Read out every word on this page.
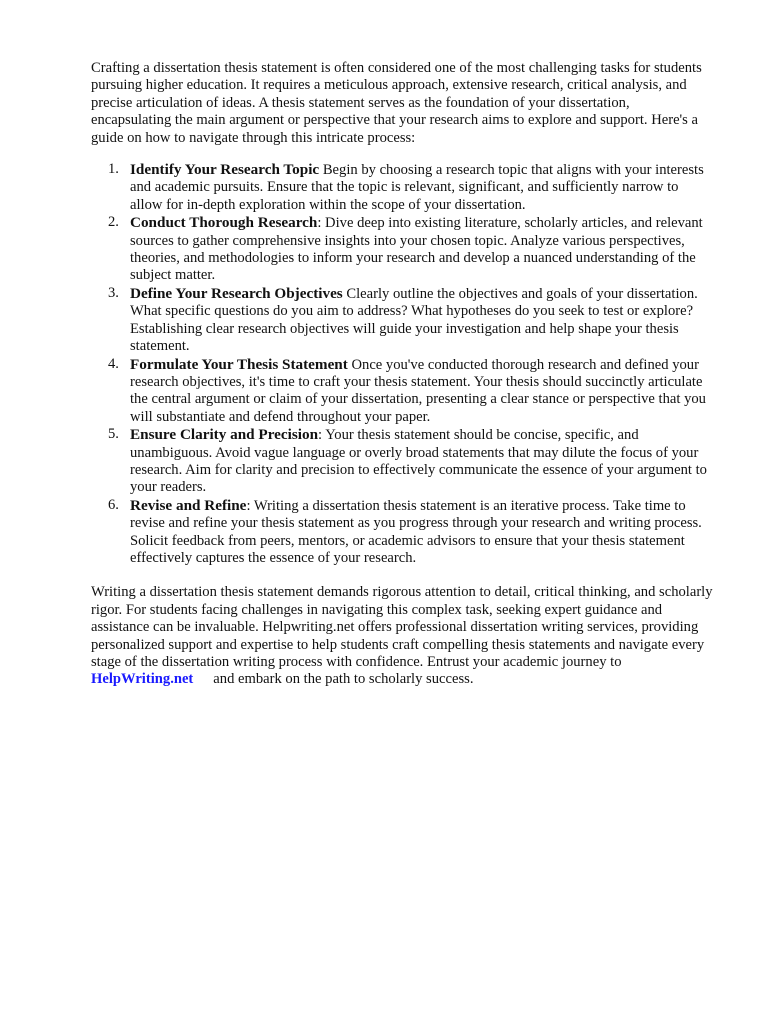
Crafting a dissertation thesis statement is often considered one of the most challenging tasks for students pursuing higher education. It requires a meticulous approach, extensive research, critical analysis, and precise articulation of ideas. A thesis statement serves as the foundation of your dissertation, encapsulating the main argument or perspective that your research aims to explore and support. Here's a guide on how to navigate through this intricate process:

1. Identify Your Research Topic Begin by choosing a research topic that aligns with your interests and academic pursuits. Ensure that the topic is relevant, significant, and sufficiently narrow to allow for in-depth exploration within the scope of your dissertation.
2. Conduct Thorough Research: Dive deep into existing literature, scholarly articles, and relevant sources to gather comprehensive insights into your chosen topic. Analyze various perspectives, theories, and methodologies to inform your research and develop a nuanced understanding of the subject matter.
3. Define Your Research Objectives Clearly outline the objectives and goals of your dissertation. What specific questions do you aim to address? What hypotheses do you seek to test or explore? Establishing clear research objectives will guide your investigation and help shape your thesis statement.
4. Formulate Your Thesis Statement Once you've conducted thorough research and defined your research objectives, it's time to craft your thesis statement. Your thesis should succinctly articulate the central argument or claim of your dissertation, presenting a clear stance or perspective that you will substantiate and defend throughout your paper.
5. Ensure Clarity and Precision: Your thesis statement should be concise, specific, and unambiguous. Avoid vague language or overly broad statements that may dilute the focus of your research. Aim for clarity and precision to effectively communicate the essence of your argument to your readers.
6. Revise and Refine: Writing a dissertation thesis statement is an iterative process. Take time to revise and refine your thesis statement as you progress through your research and writing process. Solicit feedback from peers, mentors, or academic advisors to ensure that your thesis statement effectively captures the essence of your research.

Writing a dissertation thesis statement demands rigorous attention to detail, critical thinking, and scholarly rigor. For students facing challenges in navigating this complex task, seeking expert guidance and assistance can be invaluable. Helpwriting.net offers professional dissertation writing services, providing personalized support and expertise to help students craft compelling thesis statements and navigate every stage of the dissertation writing process with confidence. Entrust your academic journey toHelpWriting.net and embark on the path to scholarly success.
